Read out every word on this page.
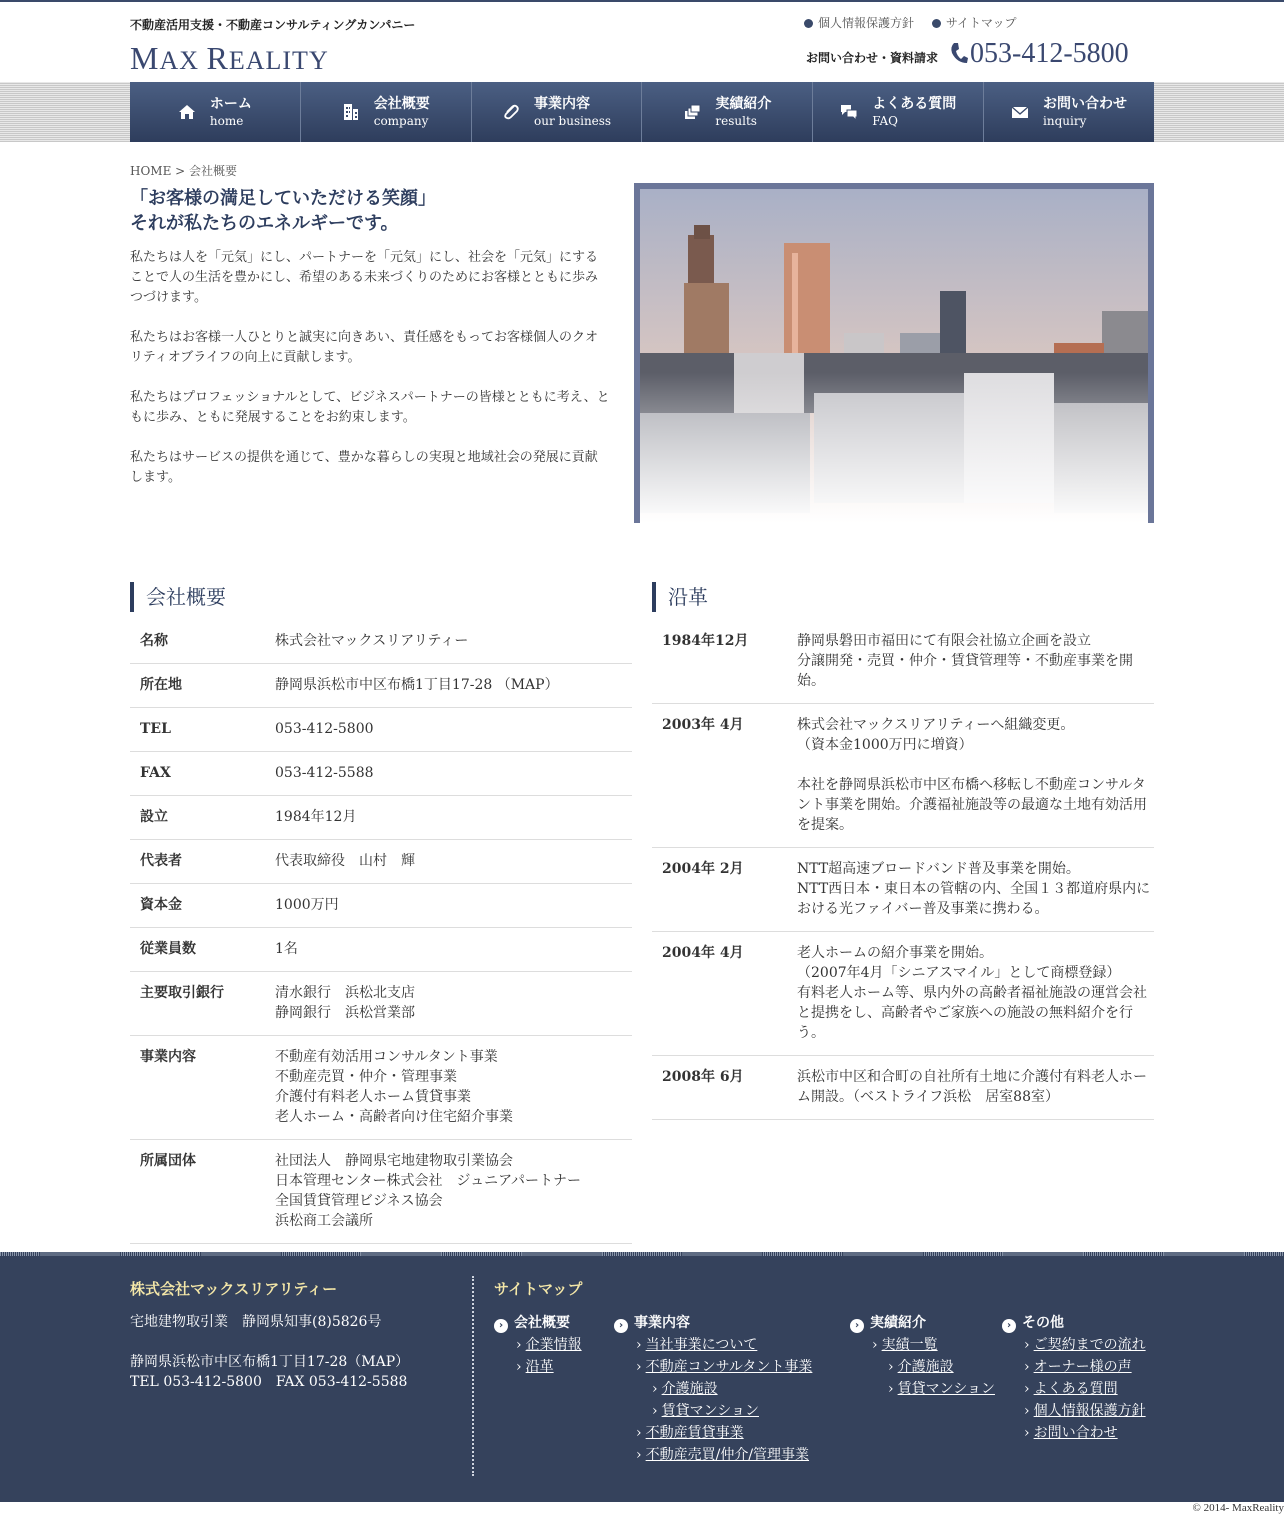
不動産活用支援・不動産コンサルティングカンパニー
MAX REALITY
個人情報保護方針	サイトマップ
お問い合わせ・資料請求	053-412-5800
ホーム
home
会社概要
company
事業内容
our business
実績紹介
results
よくある質問
FAQ
お問い合わせ
inquiry
HOME > 会社概要
「お客様の満足していただける笑顔」
それが私たちのエネルギーです。
私たちは人を「元気」にし、パートナーを「元気」にし、社会を「元気」にすることで人の生活を豊かにし、希望のある未来づくりのためにお客様とともに歩みつづけます。
私たちはお客様一人ひとりと誠実に向きあい、責任感をもってお客様個人のクオリティオブライフの向上に貢献します。
私たちはプロフェッショナルとして、ビジネスパートナーの皆様とともに考え、ともに歩み、ともに発展することをお約束します。
私たちはサービスの提供を通じて、豊かな暮らしの実現と地域社会の発展に貢献します。
会社概要
名称	株式会社マックスリアリティー
所在地	静岡県浜松市中区布橋1丁目17-28 （MAP）
TEL	053-412-5800
FAX	053-412-5588
設立	1984年12月
代表者	代表取締役　山村　輝
資本金	1000万円
従業員数	1名
主要取引銀行	清水銀行　浜松北支店
静岡銀行　浜松営業部
事業内容	不動産有効活用コンサルタント事業
不動産売買・仲介・管理事業
介護付有料老人ホーム賃貸事業
老人ホーム・高齢者向け住宅紹介事業
所属団体	社団法人　静岡県宅地建物取引業協会
日本管理センター株式会社　ジュニアパートナー
全国賃貸管理ビジネス協会
浜松商工会議所
沿革
1984年12月	静岡県磐田市福田にて有限会社協立企画を設立
分譲開発・売買・仲介・賃貸管理等・不動産事業を開始。
2003年 4月	株式会社マックスリアリティーへ組織変更。
（資本金1000万円に増資）

本社を静岡県浜松市中区布橋へ移転し不動産コンサルタント事業を開始。介護福祉施設等の最適な土地有効活用を提案。
2004年 2月	NTT超高速ブロードバンド普及事業を開始。
NTT西日本・東日本の管轄の内、全国１３都道府県内における光ファイバー普及事業に携わる。
2004年 4月	老人ホームの紹介事業を開始。
（2007年4月「シニアスマイル」として商標登録）
有料老人ホーム等、県内外の高齢者福祉施設の運営会社と提携をし、高齢者やご家族への施設の無料紹介を行う。
2008年 6月	浜松市中区和合町の自社所有土地に介護付有料老人ホーム開設。（ベストライフ浜松　居室88室）
株式会社マックスリアリティー
宅地建物取引業　静岡県知事(8)5826号
静岡県浜松市中区布橋1丁目17-28（MAP）
TEL 053-412-5800　FAX 053-412-5588
サイトマップ
› 会社概要
› 企業情報
› 沿革
› 事業内容
› 当社事業について
› 不動産コンサルタント事業
› 介護施設
› 賃貸マンション
› 不動産賃貸事業
› 不動産売買/仲介/管理事業
› 実績紹介
› 実績一覧
› 介護施設
› 賃貸マンション
› その他
› ご契約までの流れ
› オーナー様の声
› よくある質問
› 個人情報保護方針
› お問い合わせ
© 2014- MaxReality
